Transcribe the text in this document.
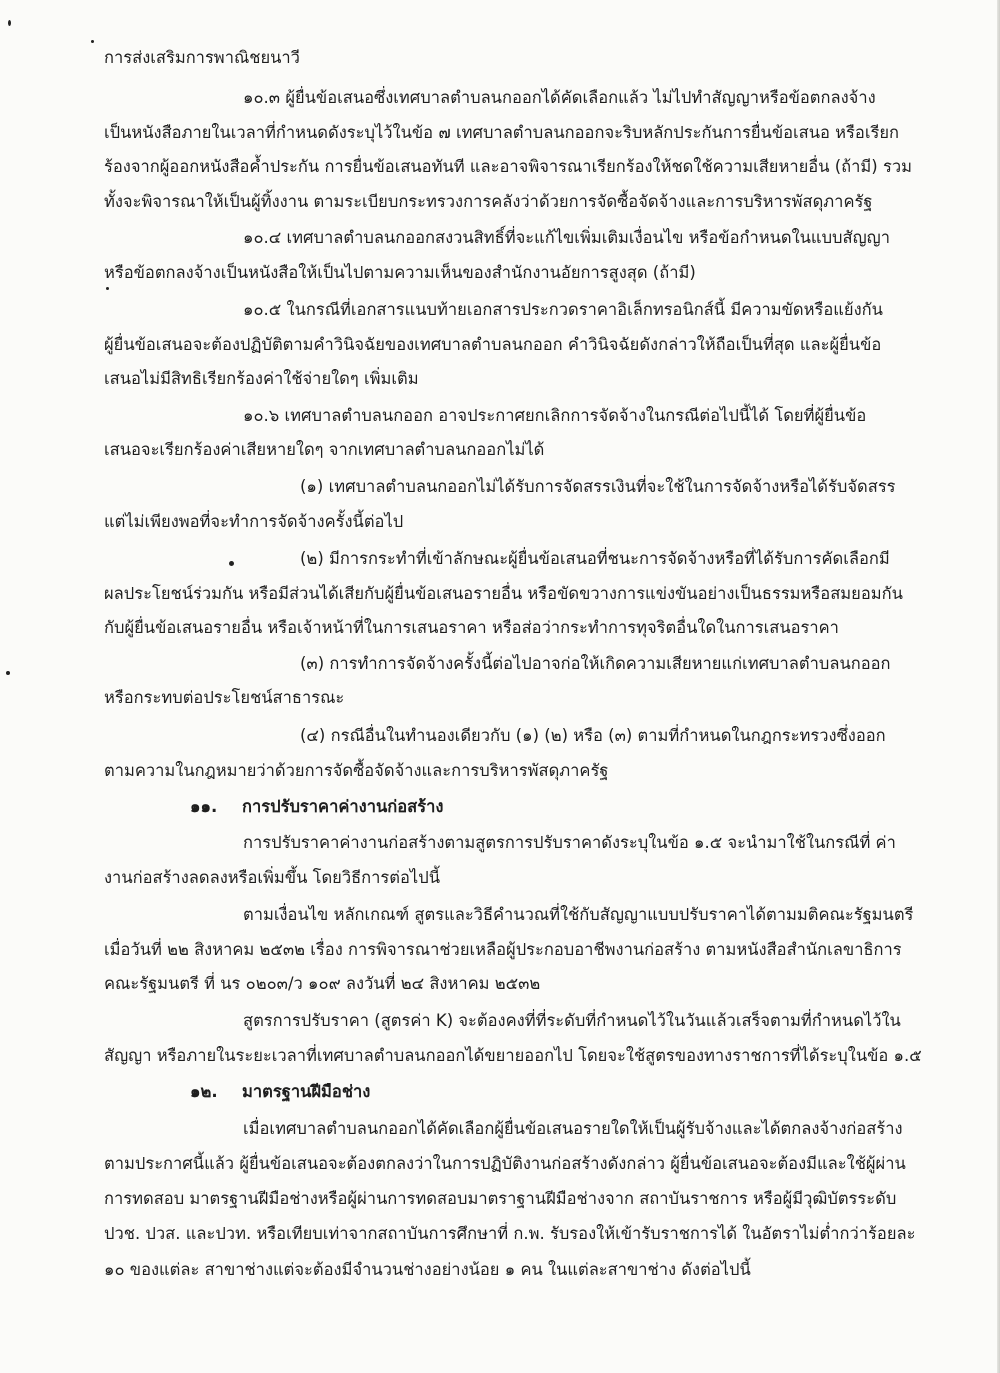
การส่งเสริมการพาณิชยนาวี
๑๐.๓ ผู้ยื่นข้อเสนอซึ่งเทศบาลตำบลนกออกได้คัดเลือกแล้ว ไม่ไปทำสัญญาหรือข้อตกลงจ้าง
เป็นหนังสือภายในเวลาที่กำหนดดังระบุไว้ในข้อ ๗ เทศบาลตำบลนกออกจะริบหลักประกันการยื่นข้อเสนอ หรือเรียก
ร้องจากผู้ออกหนังสือค้ำประกัน การยื่นข้อเสนอทันที และอาจพิจารณาเรียกร้องให้ชดใช้ความเสียหายอื่น (ถ้ามี) รวม
ทั้งจะพิจารณาให้เป็นผู้ทิ้งงาน ตามระเบียบกระทรวงการคลังว่าด้วยการจัดซื้อจัดจ้างและการบริหารพัสดุภาครัฐ
๑๐.๔ เทศบาลตำบลนกออกสงวนสิทธิ์ที่จะแก้ไขเพิ่มเติมเงื่อนไข หรือข้อกำหนดในแบบสัญญา
หรือข้อตกลงจ้างเป็นหนังสือให้เป็นไปตามความเห็นของสำนักงานอัยการสูงสุด (ถ้ามี)
๑๐.๕ ในกรณีที่เอกสารแนบท้ายเอกสารประกวดราคาอิเล็กทรอนิกส์นี้ มีความขัดหรือแย้งกัน
ผู้ยื่นข้อเสนอจะต้องปฏิบัติตามคำวินิจฉัยของเทศบาลตำบลนกออก คำวินิจฉัยดังกล่าวให้ถือเป็นที่สุด และผู้ยื่นข้อ
เสนอไม่มีสิทธิเรียกร้องค่าใช้จ่ายใดๆ เพิ่มเติม
๑๐.๖ เทศบาลตำบลนกออก อาจประกาศยกเลิกการจัดจ้างในกรณีต่อไปนี้ได้ โดยที่ผู้ยื่นข้อ
เสนอจะเรียกร้องค่าเสียหายใดๆ จากเทศบาลตำบลนกออกไม่ได้
(๑) เทศบาลตำบลนกออกไม่ได้รับการจัดสรรเงินที่จะใช้ในการจัดจ้างหรือได้รับจัดสรร
แต่ไม่เพียงพอที่จะทำการจัดจ้างครั้งนี้ต่อไป
(๒) มีการกระทำที่เข้าลักษณะผู้ยื่นข้อเสนอที่ชนะการจัดจ้างหรือที่ได้รับการคัดเลือกมี
ผลประโยชน์ร่วมกัน หรือมีส่วนได้เสียกับผู้ยื่นข้อเสนอรายอื่น หรือขัดขวางการแข่งขันอย่างเป็นธรรมหรือสมยอมกัน
กับผู้ยื่นข้อเสนอรายอื่น หรือเจ้าหน้าที่ในการเสนอราคา หรือส่อว่ากระทำการทุจริตอื่นใดในการเสนอราคา
(๓) การทำการจัดจ้างครั้งนี้ต่อไปอาจก่อให้เกิดความเสียหายแก่เทศบาลตำบลนกออก
หรือกระทบต่อประโยชน์สาธารณะ
(๔) กรณีอื่นในทำนองเดียวกับ (๑) (๒) หรือ (๓) ตามที่กำหนดในกฎกระทรวงซึ่งออก
ตามความในกฎหมายว่าด้วยการจัดซื้อจัดจ้างและการบริหารพัสดุภาครัฐ
๑๑. การปรับราคาค่างานก่อสร้าง
การปรับราคาค่างานก่อสร้างตามสูตรการปรับราคาดังระบุในข้อ ๑.๕ จะนำมาใช้ในกรณีที่ ค่า
งานก่อสร้างลดลงหรือเพิ่มขึ้น โดยวิธีการต่อไปนี้
ตามเงื่อนไข หลักเกณฑ์ สูตรและวิธีคำนวณที่ใช้กับสัญญาแบบปรับราคาได้ตามมติคณะรัฐมนตรี
เมื่อวันที่ ๒๒ สิงหาคม ๒๕๓๒ เรื่อง การพิจารณาช่วยเหลือผู้ประกอบอาชีพงานก่อสร้าง ตามหนังสือสำนักเลขาธิการ
คณะรัฐมนตรี ที่ นร ๐๒๐๓/ว ๑๐๙ ลงวันที่ ๒๔ สิงหาคม ๒๕๓๒
สูตรการปรับราคา (สูตรค่า K) จะต้องคงที่ที่ระดับที่กำหนดไว้ในวันแล้วเสร็จตามที่กำหนดไว้ใน
สัญญา หรือภายในระยะเวลาที่เทศบาลตำบลนกออกได้ขยายออกไป โดยจะใช้สูตรของทางราชการที่ได้ระบุในข้อ ๑.๕
๑๒. มาตรฐานฝีมือช่าง
เมื่อเทศบาลตำบลนกออกได้คัดเลือกผู้ยื่นข้อเสนอรายใดให้เป็นผู้รับจ้างและได้ตกลงจ้างก่อสร้าง
ตามประกาศนี้แล้ว ผู้ยื่นข้อเสนอจะต้องตกลงว่าในการปฏิบัติงานก่อสร้างดังกล่าว ผู้ยื่นข้อเสนอจะต้องมีและใช้ผู้ผ่าน
การทดสอบ มาตรฐานฝีมือช่างหรือผู้ผ่านการทดสอบมาตราฐานฝีมือช่างจาก สถาบันราชการ หรือผู้มีวุฒิบัตรระดับ
ปวช. ปวส. และปวท. หรือเทียบเท่าจากสถาบันการศึกษาที่ ก.พ. รับรองให้เข้ารับราชการได้ ในอัตราไม่ต่ำกว่าร้อยละ
๑๐ ของแต่ละ สาขาช่างแต่จะต้องมีจำนวนช่างอย่างน้อย ๑ คน ในแต่ละสาขาช่าง ดังต่อไปนี้
